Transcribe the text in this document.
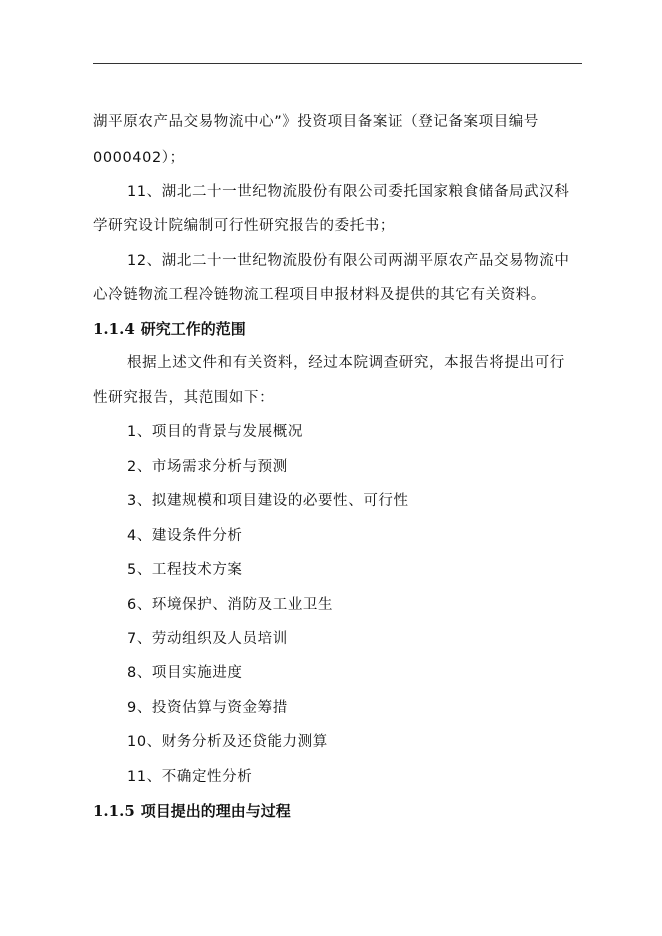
湖平原农产品交易物流中心”》投资项目备案证（登记备案项目编号
0000402）；
11、湖北二十一世纪物流股份有限公司委托国家粮食储备局武汉科
学研究设计院编制可行性研究报告的委托书；
12、湖北二十一世纪物流股份有限公司两湖平原农产品交易物流中
心冷链物流工程冷链物流工程项目申报材料及提供的其它有关资料。
1.1.4 研究工作的范围
根据上述文件和有关资料，经过本院调查研究，本报告将提出可行
性研究报告，其范围如下：
1、项目的背景与发展概况
2、市场需求分析与预测
3、拟建规模和项目建设的必要性、可行性
4、建设条件分析
5、工程技术方案
6、环境保护、消防及工业卫生
7、劳动组织及人员培训
8、项目实施进度
9、投资估算与资金筹措
10、财务分析及还贷能力测算
11、不确定性分析
1.1.5 项目提出的理由与过程
